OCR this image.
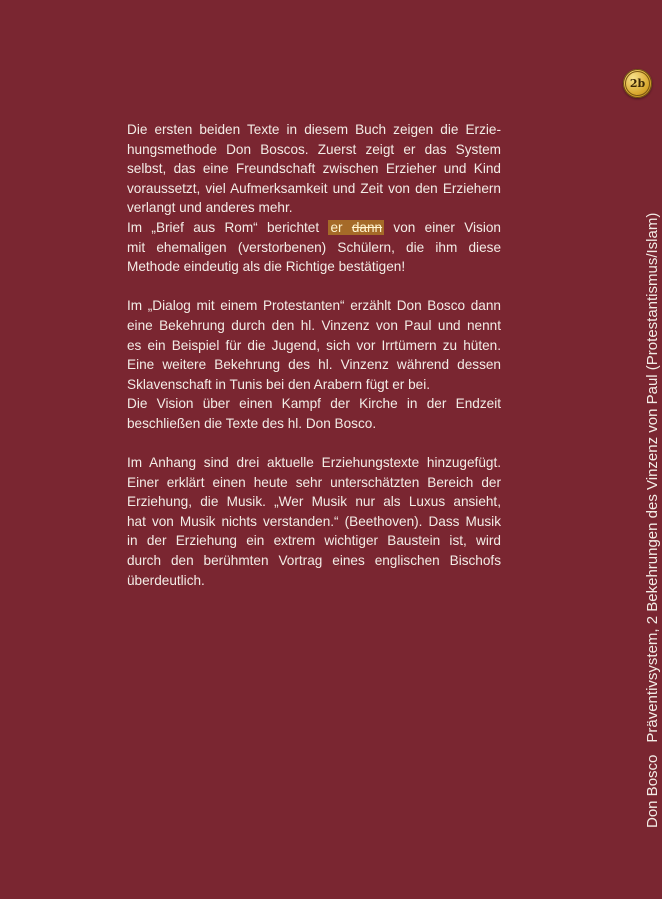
2b

Die ersten beiden Texte in diesem Buch zeigen die Erzie-
hungsmethode Don Boscos. Zuerst zeigt er das System
selbst, das eine Freundschaft zwischen Erzieher und Kind
voraussetzt, viel Aufmerksamkeit und Zeit von den Erziehern
verlangt und anderes mehr.
Im „Brief aus Rom“ berichtet er dann von einer Vision
mit ehemaligen (verstorbenen) Schülern, die ihm diese
Methode eindeutig als die Richtige bestätigen!

Im „Dialog mit einem Protestanten“ erzählt Don Bosco dann
eine Bekehrung durch den hl. Vinzenz von Paul und nennt
es ein Beispiel für die Jugend, sich vor Irrtümern zu hüten.
Eine weitere Bekehrung des hl. Vinzenz während dessen
Sklavenschaft in Tunis bei den Arabern fügt er bei.
Die Vision über einen Kampf der Kirche in der Endzeit
beschließen die Texte des hl. Don Bosco.

Im Anhang sind drei aktuelle Erziehungstexte hinzugefügt.
Einer erklärt einen heute sehr unterschätzten Bereich der
Erziehung, die Musik. „Wer Musik nur als Luxus ansieht,
hat von Musik nichts verstanden.“ (Beethoven). Dass Musik
in der Erziehung ein extrem wichtiger Baustein ist, wird
durch den berühmten Vortrag eines englischen Bischofs
überdeutlich.

Don BoscoPräventivsystem, 2 Bekehrungen des Vinzenz von Paul (Protestantismus/Islam)
